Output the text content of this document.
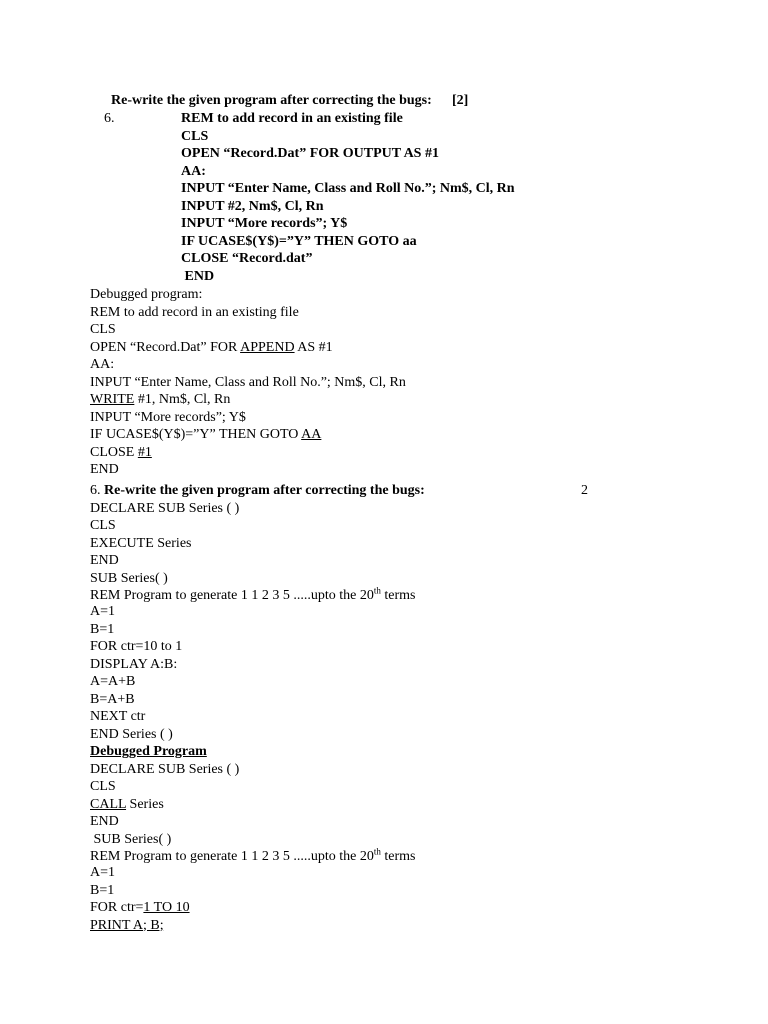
6.

Re-write the given program after correcting the bugs: [2]
REM to add record in an existing file
CLS
OPEN “Record.Dat” FOR OUTPUT AS #1
AA:
INPUT “Enter Name, Class and Roll No.”; Nm$, Cl, Rn
INPUT #2, Nm$, Cl, Rn
INPUT “More records”; Y$
IF UCASE$(Y$)=”Y” THEN GOTO aa
CLOSE “Record.dat”
END
Debugged program:
REM to add record in an existing file
CLS
OPEN “Record.Dat” FOR APPEND AS #1
AA:
INPUT “Enter Name, Class and Roll No.”; Nm$, Cl, Rn
WRITE #1, Nm$, Cl, Rn
INPUT “More records”; Y$
IF UCASE$(Y$)=”Y” THEN GOTO AA
CLOSE #1
END
6. Re-write the given program after correcting the bugs:	2
DECLARE SUB Series ( )
CLS
EXECUTE Series
END
SUB Series( )
REM Program to generate 1 1 2 3 5 .....upto the 20th terms
A=1
B=1
FOR ctr=10 to 1
DISPLAY A:B:
A=A+B
B=A+B
NEXT ctr
END Series ( )
Debugged Program
DECLARE SUB Series ( )
CLS
CALL Series
END
SUB Series( )
REM Program to generate 1 1 2 3 5 .....upto the 20th terms
A=1
B=1
FOR ctr=1 TO 10
PRINT A; B;
